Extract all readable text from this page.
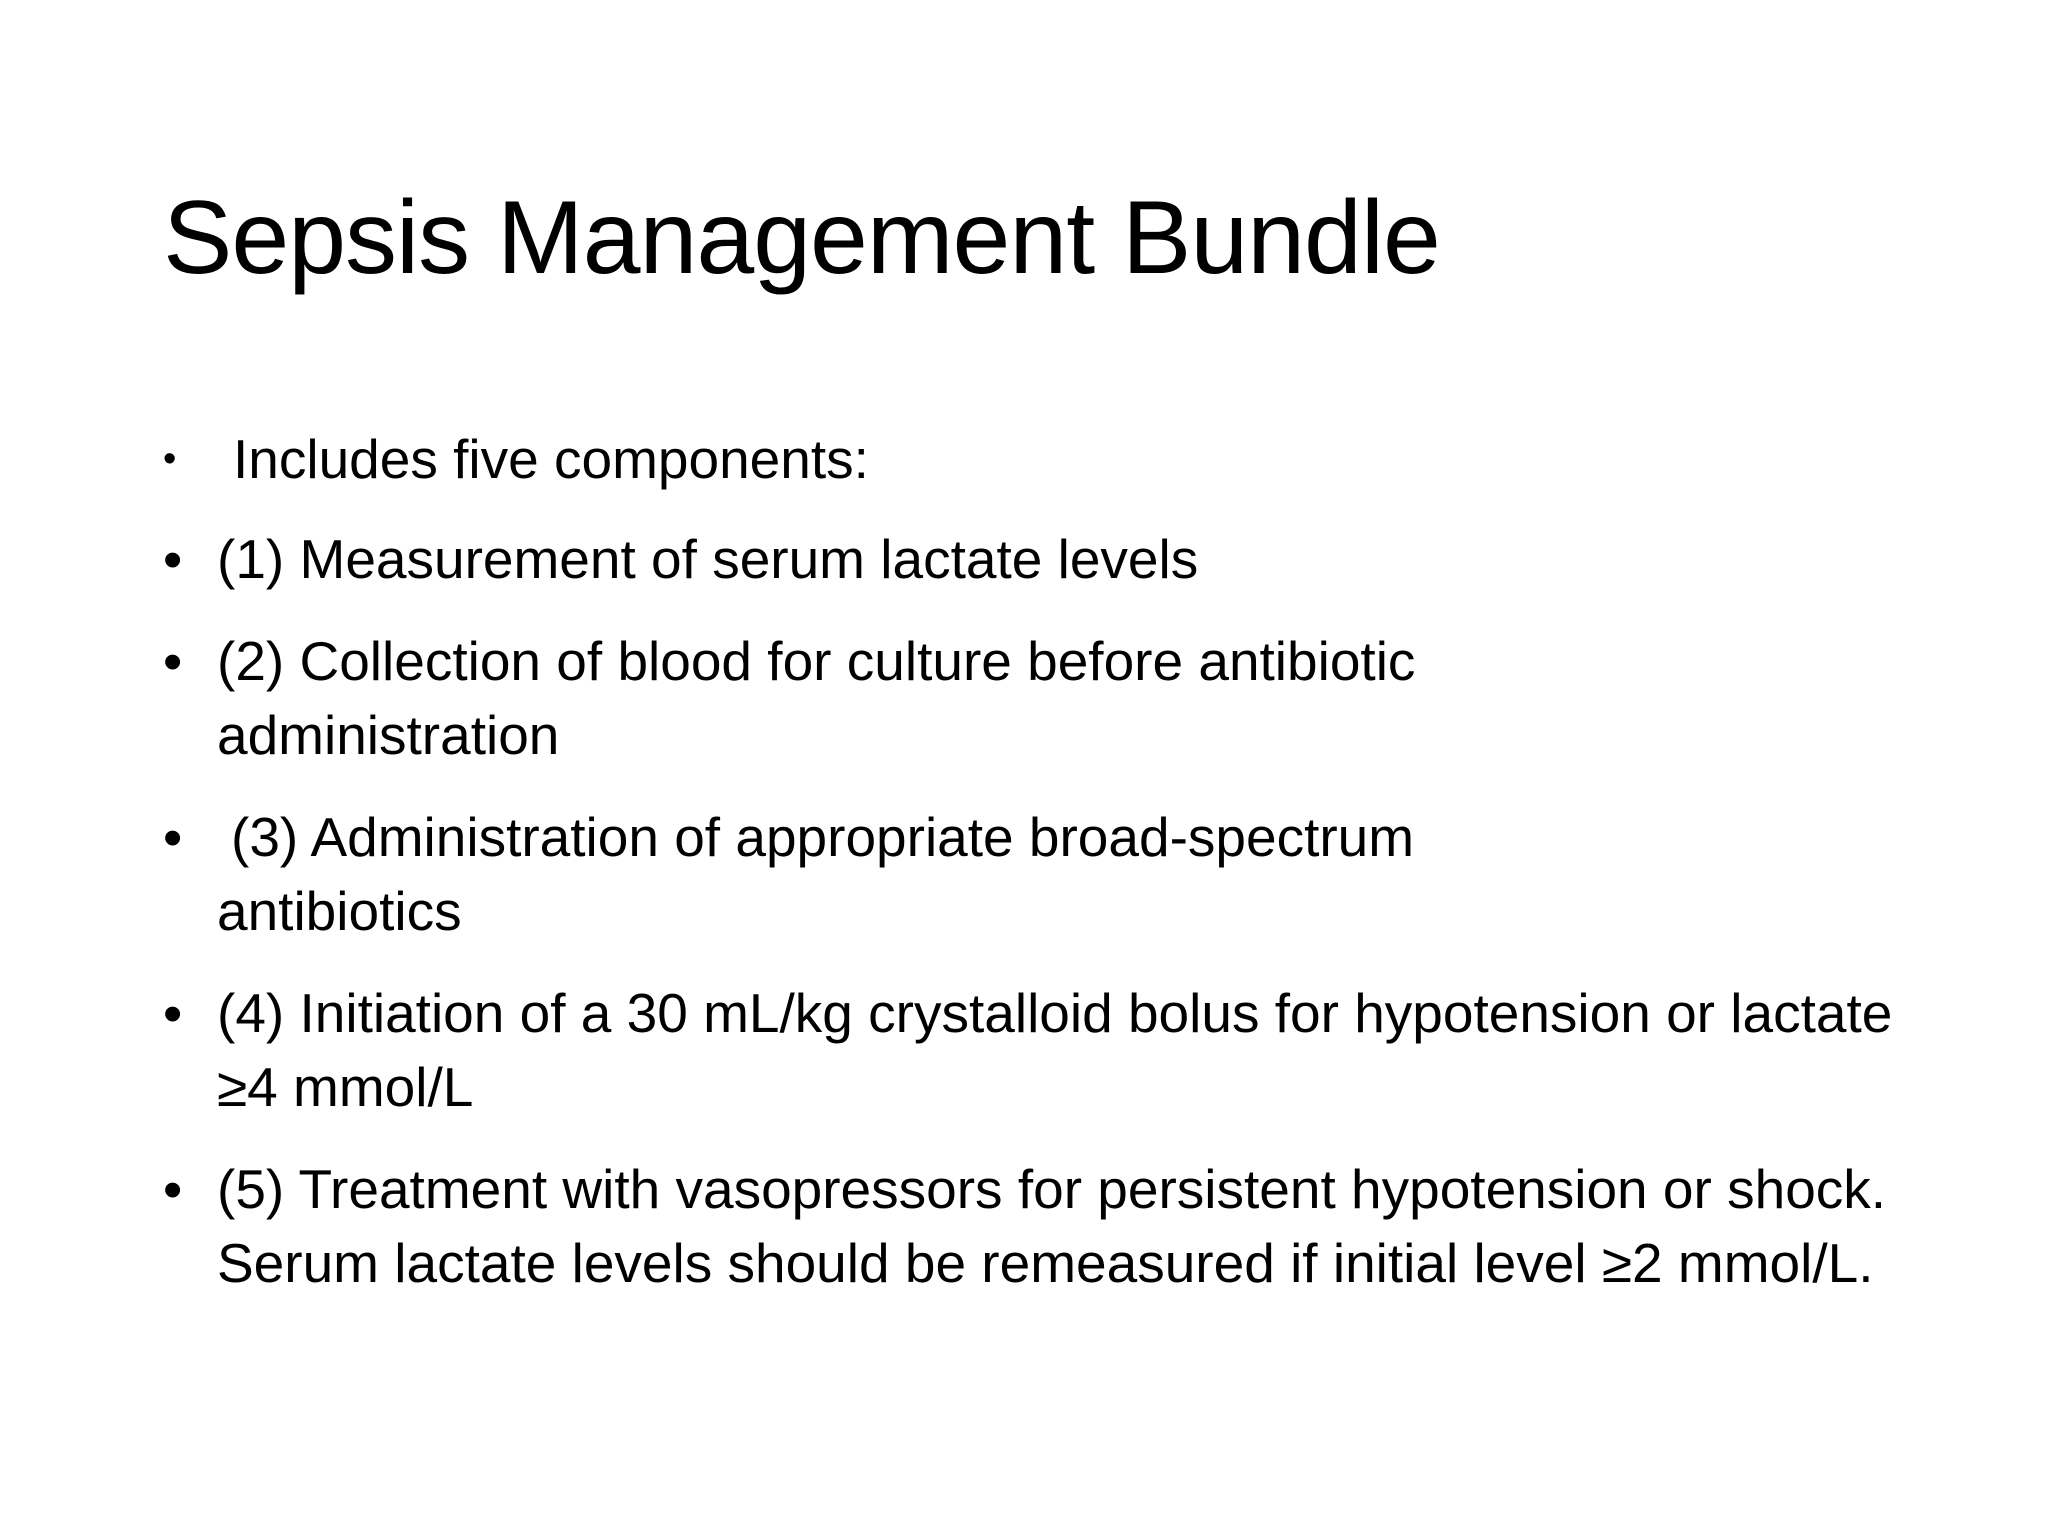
Sepsis Management Bundle
•	Includes five components:
• (1) Measurement of serum lactate levels
• (2) Collection of blood for culture before antibiotic administration
• (3) Administration of appropriate broad-spectrum antibiotics
• (4) Initiation of a 30 mL/kg crystalloid bolus for hypotension or lactate ≥4 mmol/L
• (5) Treatment with vasopressors for persistent hypotension or shock. Serum lactate levels should be remeasured if initial level ≥2 mmol/L.
